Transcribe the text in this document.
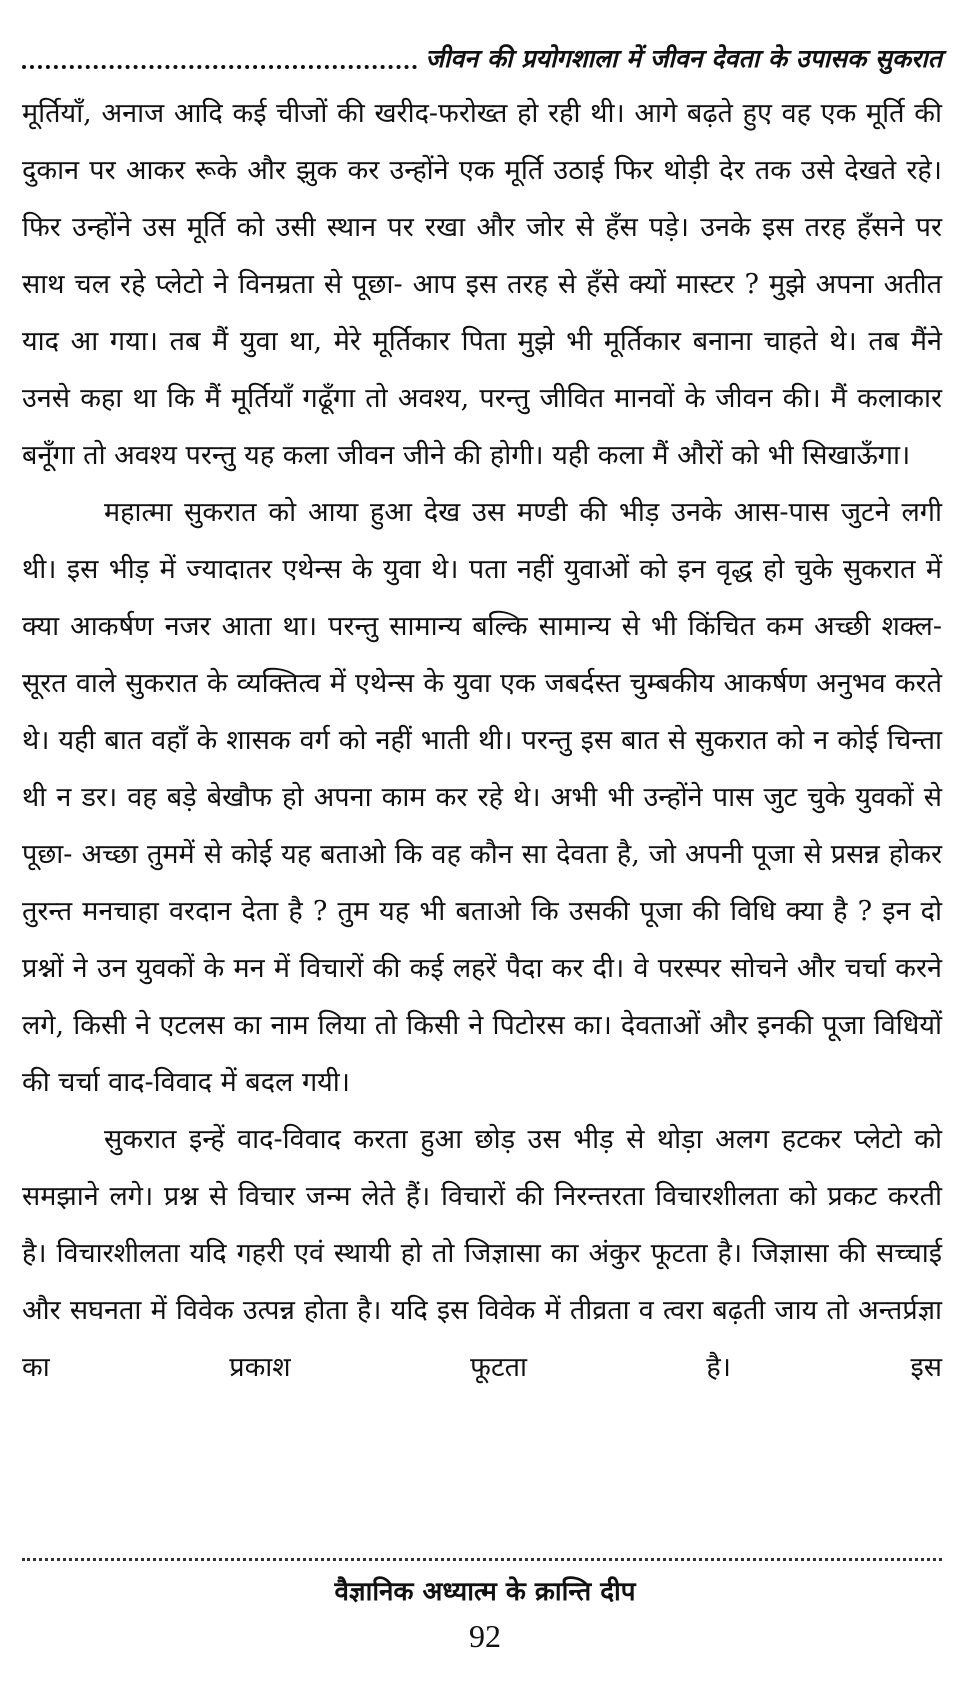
जीवन की प्रयोगशाला में जीवन देवता के उपासक सुकरात

मूर्तियाँ, अनाज आदि कई चीजों की खरीद-फरोख्त हो रही थी। आगे बढ़ते हुए वह एक मूर्ति की दुकान पर आकर रूके और झुक कर उन्होंने एक मूर्ति उठाई फिर थोड़ी देर तक उसे देखते रहे। फिर उन्होंने उस मूर्ति को उसी स्थान पर रखा और जोर से हँस पड़े। उनके इस तरह हँसने पर साथ चल रहे प्लेटो ने विनम्रता से पूछा- आप इस तरह से हँसे क्यों मास्टर ? मुझे अपना अतीत याद आ गया। तब मैं युवा था, मेरे मूर्तिकार पिता मुझे भी मूर्तिकार बनाना चाहते थे। तब मैंने उनसे कहा था कि मैं मूर्तियाँ गढूँगा तो अवश्य, परन्तु जीवित मानवों के जीवन की। मैं कलाकार बनूँगा तो अवश्य परन्तु यह कला जीवन जीने की होगी। यही कला मैं औरों को भी सिखाऊँगा।

महात्मा सुकरात को आया हुआ देख उस मण्डी की भीड़ उनके आस-पास जुटने लगी थी। इस भीड़ में ज्यादातर एथेन्स के युवा थे। पता नहीं युवाओं को इन वृद्ध हो चुके सुकरात में क्या आकर्षण नजर आता था। परन्तु सामान्य बल्कि सामान्य से भी किंचित कम अच्छी शक्ल-सूरत वाले सुकरात के व्यक्तित्व में एथेन्स के युवा एक जबर्दस्त चुम्बकीय आकर्षण अनुभव करते थे। यही बात वहाँ के शासक वर्ग को नहीं भाती थी। परन्तु इस बात से सुकरात को न कोई चिन्ता थी न डर। वह बड़े बेखौफ हो अपना काम कर रहे थे। अभी भी उन्होंने पास जुट चुके युवकों से पूछा- अच्छा तुममें से कोई यह बताओ कि वह कौन सा देवता है, जो अपनी पूजा से प्रसन्न होकर तुरन्त मनचाहा वरदान देता है ? तुम यह भी बताओ कि उसकी पूजा की विधि क्या है ? इन दो प्रश्नों ने उन युवकों के मन में विचारों की कई लहरें पैदा कर दी। वे परस्पर सोचने और चर्चा करने लगे, किसी ने एटलस का नाम लिया तो किसी ने पिटोरस का। देवताओं और इनकी पूजा विधियों की चर्चा वाद-विवाद में बदल गयी।

सुकरात इन्हें वाद-विवाद करता हुआ छोड़ उस भीड़ से थोड़ा अलग हटकर प्लेटो को समझाने लगे। प्रश्न से विचार जन्म लेते हैं। विचारों की निरन्तरता विचारशीलता को प्रकट करती है। विचारशीलता यदि गहरी एवं स्थायी हो तो जिज्ञासा का अंकुर फूटता है। जिज्ञासा की सच्चाई और सघनता में विवेक उत्पन्न होता है। यदि इस विवेक में तीव्रता व त्वरा बढ़ती जाय तो अन्तर्प्रज्ञा का प्रकाश फूटता है। इस

वैज्ञानिक अध्यात्म के क्रान्ति दीप
92
